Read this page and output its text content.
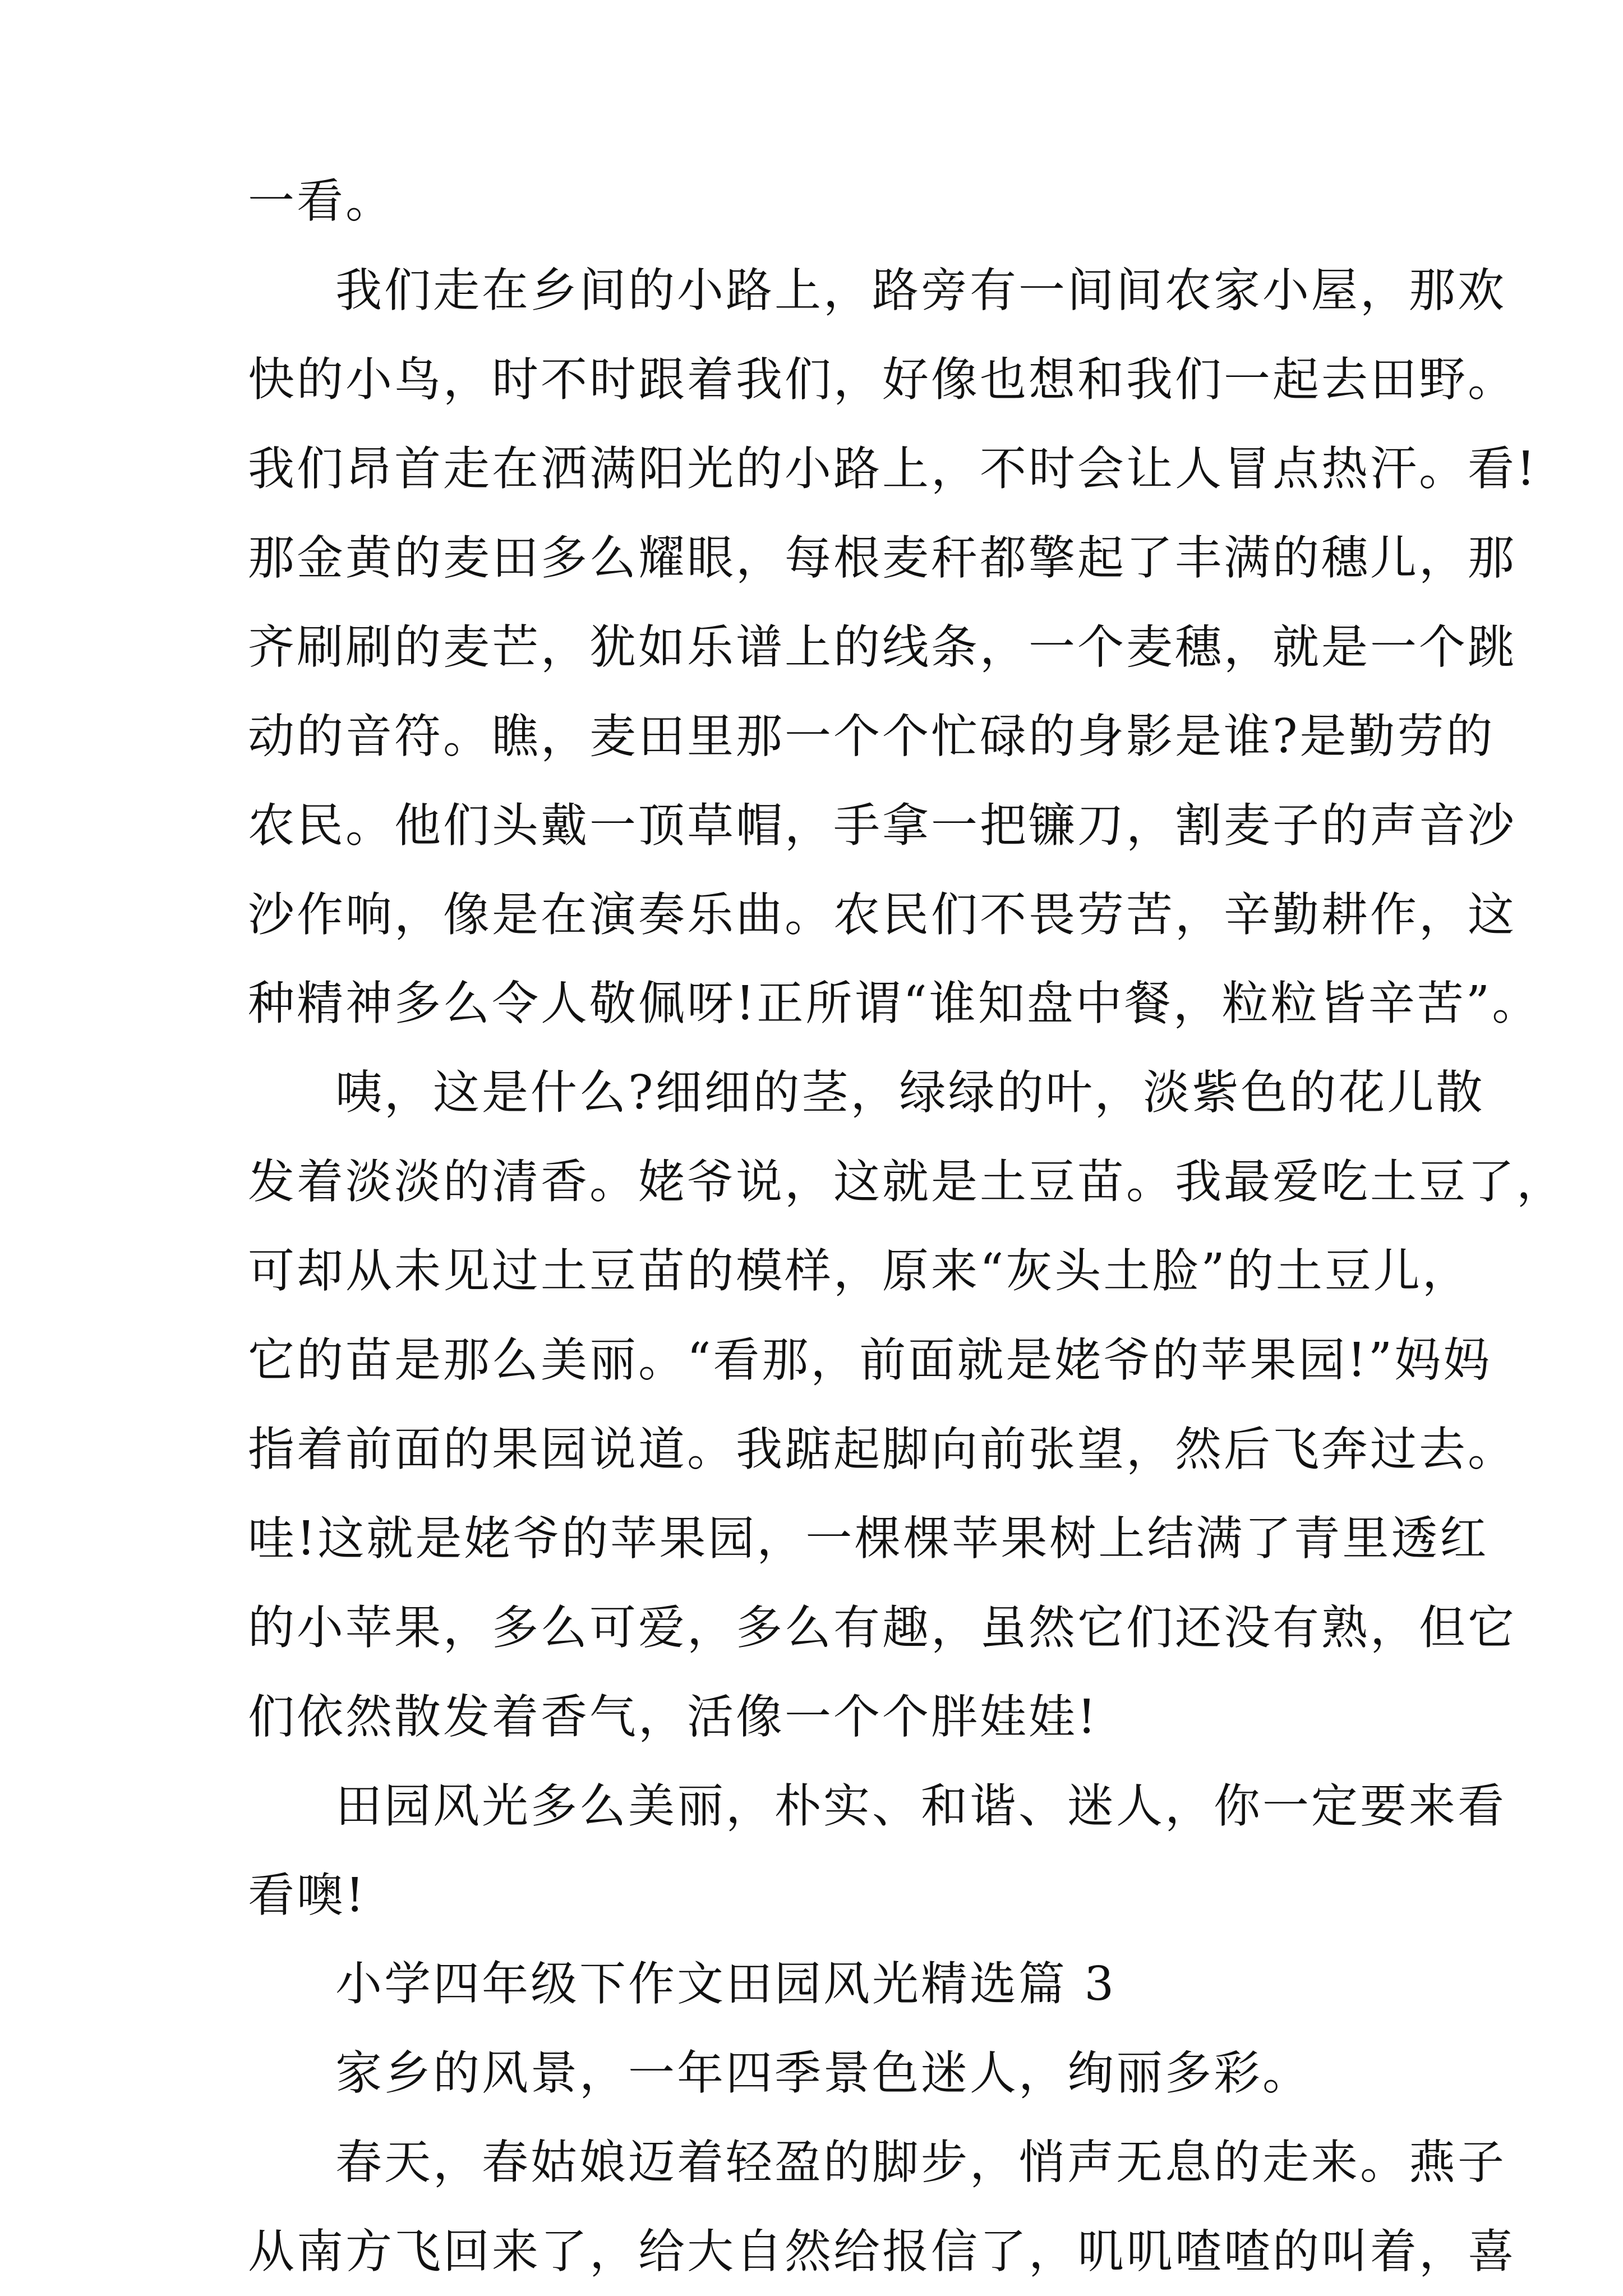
一看。
我们走在乡间的小路上，路旁有一间间农家小屋，那欢
快的小鸟，时不时跟着我们，好像也想和我们一起去田野。
我们昂首走在洒满阳光的小路上，不时会让人冒点热汗。看!
那金黄的麦田多么耀眼，每根麦秆都擎起了丰满的穗儿，那
齐刷刷的麦芒，犹如乐谱上的线条，一个麦穗，就是一个跳
动的音符。瞧，麦田里那一个个忙碌的身影是谁?是勤劳的
农民。他们头戴一顶草帽，手拿一把镰刀，割麦子的声音沙
沙作响，像是在演奏乐曲。农民们不畏劳苦，辛勤耕作，这
种精神多么令人敬佩呀!正所谓“谁知盘中餐，粒粒皆辛苦”。
咦，这是什么?细细的茎，绿绿的叶，淡紫色的花儿散
发着淡淡的清香。姥爷说，这就是土豆苗。我最爱吃土豆了，
可却从未见过土豆苗的模样，原来“灰头土脸”的土豆儿，
它的苗是那么美丽。“看那，前面就是姥爷的苹果园!”妈妈
指着前面的果园说道。我踮起脚向前张望，然后飞奔过去。
哇!这就是姥爷的苹果园，一棵棵苹果树上结满了青里透红
的小苹果，多么可爱，多么有趣，虽然它们还没有熟，但它
们依然散发着香气，活像一个个胖娃娃!
田园风光多么美丽，朴实、和谐、迷人，你一定要来看
看噢!
小学四年级下作文田园风光精选篇 3
家乡的风景，一年四季景色迷人，绚丽多彩。
春天，春姑娘迈着轻盈的脚步，悄声无息的走来。燕子
从南方飞回来了，给大自然给报信了，叽叽喳喳的叫着，喜
